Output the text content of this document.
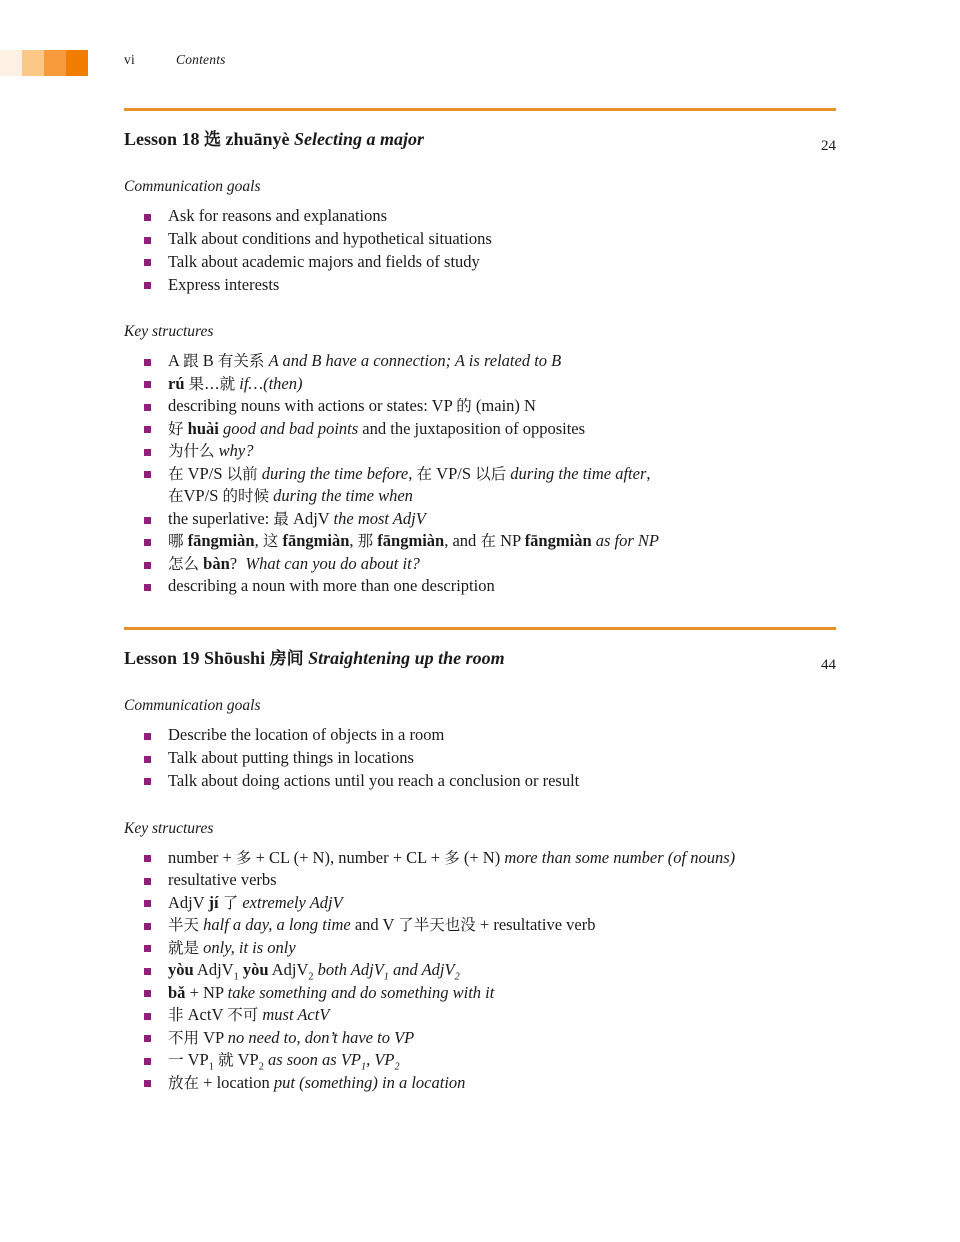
vi	Contents
Lesson 18 选 zhuānyè Selecting a major	24
Communication goals
Ask for reasons and explanations
Talk about conditions and hypothetical situations
Talk about academic majors and fields of study
Express interests
Key structures
A 跟 B 有关系 A and B have a connection; A is related to B
rú 果…就 if…(then)
describing nouns with actions or states: VP 的 (main) N
好 huài good and bad points and the juxtaposition of opposites
为什么 why?
在 VP/S 以前 during the time before, 在 VP/S 以后 during the time after,
在VP/S 的时候 during the time when
the superlative: 最 AdjV the most AdjV
哪 fāngmiàn, 这 fāngmiàn, 那 fāngmiàn, and 在 NP fāngmiàn as for NP
怎么 bàn?  What can you do about it?
describing a noun with more than one description
Lesson 19 Shōushi 房间 Straightening up the room	44
Communication goals
Describe the location of objects in a room
Talk about putting things in locations
Talk about doing actions until you reach a conclusion or result
Key structures
number + 多 + CL (+ N), number + CL + 多 (+ N) more than some number (of nouns)
resultative verbs
AdjV jí 了 extremely AdjV
半天 half a day, a long time and V 了半天也没 + resultative verb
就是 only, it is only
yòu AdjV$_1$ yòu AdjV$_2$ both AdjV$_1$ and AdjV$_2$
bǎ + NP take something and do something with it
非 ActV 不可 must ActV
不用 VP no need to, don’t have to VP
一 $VP_1$ 就 $VP_2$ as soon as $VP_1$, $VP_2$
放在 + location put (something) in a location
